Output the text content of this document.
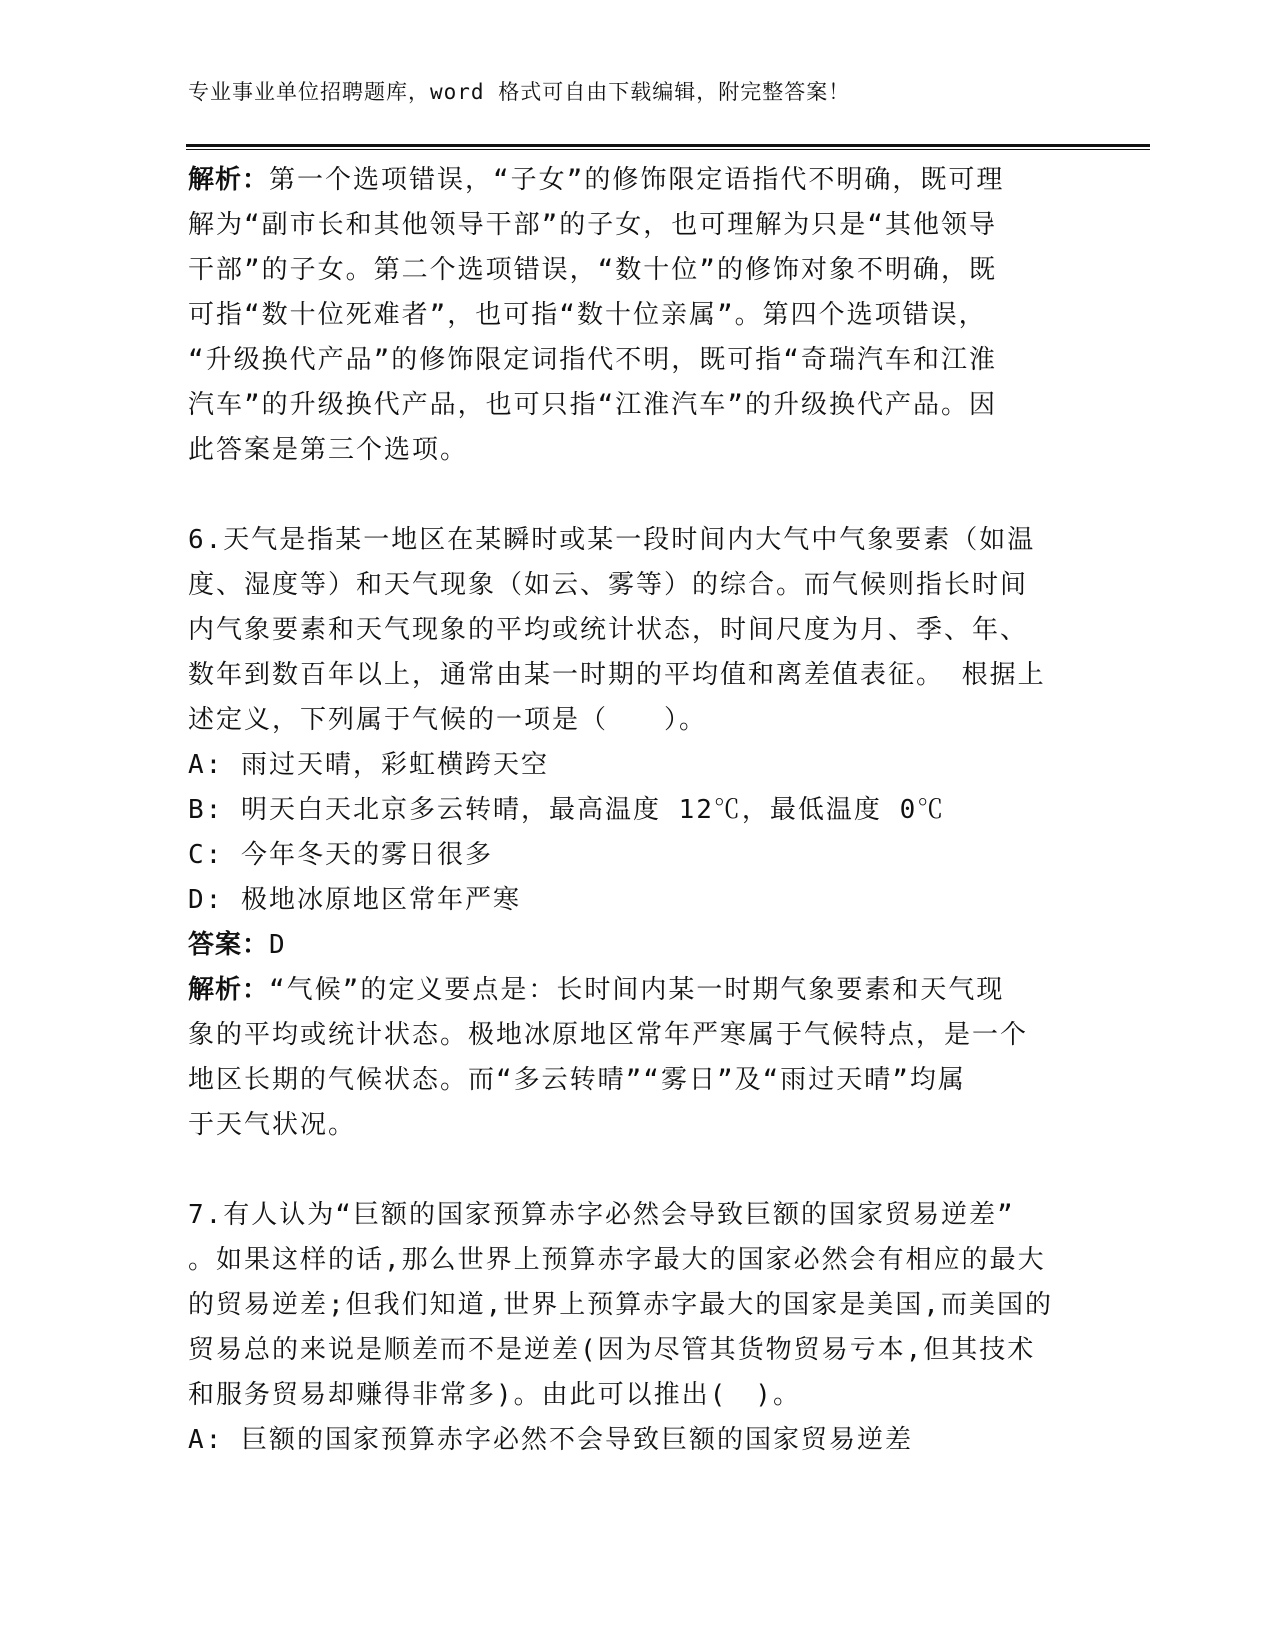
专业事业单位招聘题库，word 格式可自由下载编辑，附完整答案！
解析：第一个选项错误，“子女”的修饰限定语指代不明确，既可理
解为“副市长和其他领导干部”的子女，也可理解为只是“其他领导
干部”的子女。第二个选项错误，“数十位”的修饰对象不明确，既
可指“数十位死难者”，也可指“数十位亲属”。第四个选项错误，
“升级换代产品”的修饰限定词指代不明，既可指“奇瑞汽车和江淮
汽车”的升级换代产品，也可只指“江淮汽车”的升级换代产品。因
此答案是第三个选项。
6.天气是指某一地区在某瞬时或某一段时间内大气中气象要素（如温
度、湿度等）和天气现象（如云、雾等）的综合。而气候则指长时间
内气象要素和天气现象的平均或统计状态，时间尺度为月、季、年、
数年到数百年以上，通常由某一时期的平均值和离差值表征。 根据上
述定义，下列属于气候的一项是（　　）。
A: 雨过天晴，彩虹横跨天空
B: 明天白天北京多云转晴，最高温度 12℃，最低温度 0℃
C: 今年冬天的雾日很多
D: 极地冰原地区常年严寒
答案：D
解析：“气候”的定义要点是：长时间内某一时期气象要素和天气现
象的平均或统计状态。极地冰原地区常年严寒属于气候特点，是一个
地区长期的气候状态。而“多云转晴”“雾日”及“雨过天晴”均属
于天气状况。
7.有人认为“巨额的国家预算赤字必然会导致巨额的国家贸易逆差”
。如果这样的话,那么世界上预算赤字最大的国家必然会有相应的最大
的贸易逆差;但我们知道,世界上预算赤字最大的国家是美国,而美国的
贸易总的来说是顺差而不是逆差(因为尽管其货物贸易亏本,但其技术
和服务贸易却赚得非常多)。由此可以推出(　)。
A: 巨额的国家预算赤字必然不会导致巨额的国家贸易逆差
